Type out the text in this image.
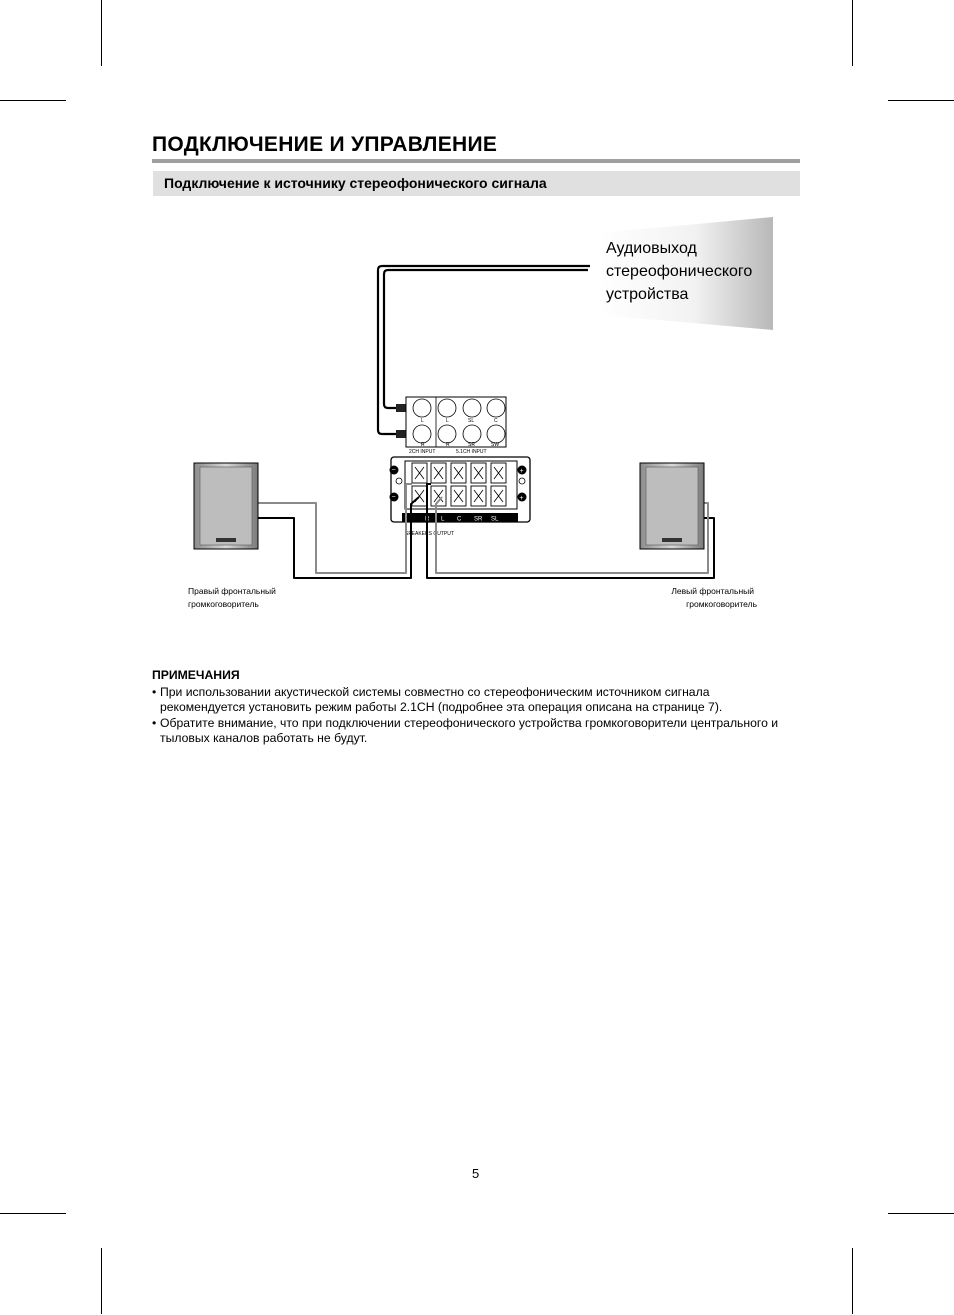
ПОДКЛЮЧЕНИЕ И УПРАВЛЕНИЕ
Подключение к источнику стереофонического сигнала
Аудиовыход
стереофонического
устройства
L	L	SL	C
R	R	SR	SW
2CH INPUT	5.1CH INPUT
−
−
+
+
R L C SR SL
SPEAKERS OUTPUT
Правый фронтальный
громкоговоритель
Левый фронтальный
громкоговоритель
ПРИМЕЧАНИЯ
• При использовании акустической системы совместно со стереофоническим источником сигнала рекомендуется установить режим работы 2.1CH (подробнее эта операция описана на странице 7).
• Обратите внимание, что при подключении стереофонического устройства громкоговорители центрального и тыловых каналов работать не будут.
5
